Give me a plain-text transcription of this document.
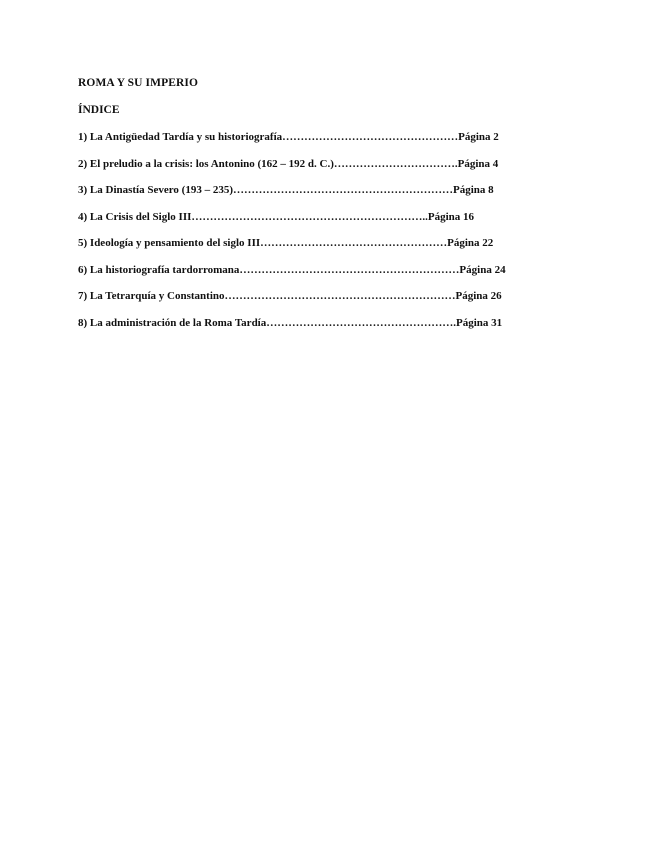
ROMA Y SU IMPERIO
ÍNDICE
1) La Antigüedad Tardía y su historiografía…………………………………………Página 2
2) El preludio a la crisis: los Antonino (162 – 192 d. C.)…………………………….Página 4
3) La Dinastía Severo (193 – 235)……………………………………………………Página 8
4) La Crisis del Siglo III………………………………………………………..Página 16
5) Ideología y pensamiento del siglo III……………………………………………Página 22
6) La historiografía tardorromana……………………………………………………Página 24
7) La Tetrarquía y Constantino………………………………………………………Página 26
8) La administración de la Roma Tardía…………………………………………….Página 31
